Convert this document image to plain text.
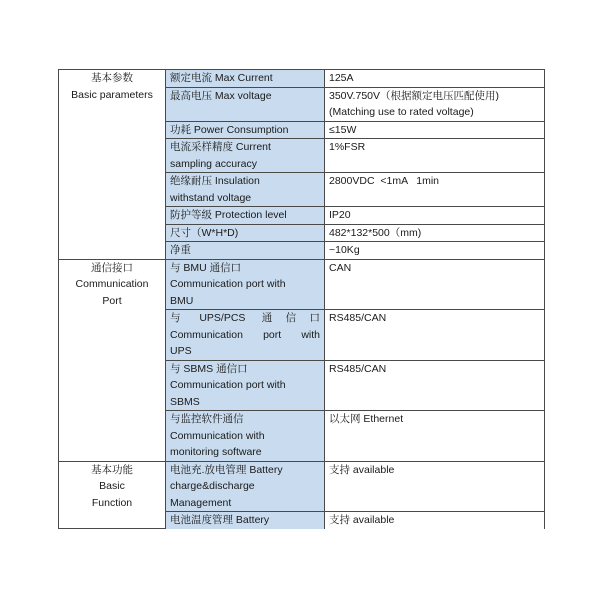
基本参数
Basic parameters	额定电流 Max Current	125A

	最高电压 Max voltage	350V.750V（根据额定电压匹配使用)
(Matching use to rated voltage)

	功耗 Power Consumption	≤15W

	电流采样精度 Current
sampling accuracy	1%FSR

	绝缘耐压 Insulation
withstand voltage	2800VDC  <1mA   1min

	防护等级 Protection level	IP20

	尺寸（W*H*D)	482*132*500（mm)

	净重	~10Kg

通信接口
Communication
Port	与 BMU 通信口
Communication port with
BMU	CAN

	与   UPS/PCS   通  信  口
Communication  port  with
UPS	RS485/CAN

	与 SBMS 通信口
Communication port with
SBMS	RS485/CAN

	与监控软件通信
Communication with
monitoring software	以太网 Ethernet

基本功能
Basic
Function	电池充.放电管理 Battery
charge&discharge
Management	支持 available

	电池温度管理 Battery	支持 available
